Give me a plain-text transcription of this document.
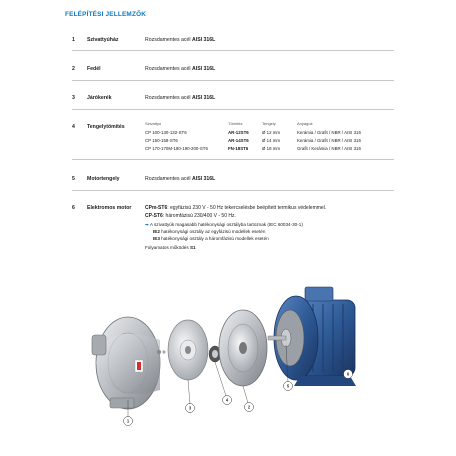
FELÉPÍTÉSI JELLEMZŐK
1 Szivattyúház	Rozsdamentes acél AISI 316L
2 Fedél	Rozsdamentes acél AISI 316L
3 Járókerék	Rozsdamentes acél AISI 316L
4 Tengelytömítés
Szivattyú	Tömítés	Tengely	Anyagok
CP 100-130-132-ST6	AR-12ST6	Ø 12 mm	Kerámia / Grafit / NBR / AISI 316
CP 150-158-ST6	AR-14ST6	Ø 14 mm	Kerámia / Grafit / NBR / AISI 316
CP 170-170M-180-190-200-ST6	FN-18ST6	Ø 18 mm	Grafit / Kerámia / NBR / AISI 316
5 Motortengely	Rozsdamentes acél AISI 316L
6 Elektromos motor	CPm-ST6: egyfázisú 230 V - 50 Hz tekercselésbe beépített termikus védelemmel.
CP-ST6: háromfázisú 230/400 V - 50 Hz.
➡ A szivattyúk magasabb hatékonysági osztályba tartoznak (IEC 60034-30-1)
IE2 hatékonysági osztály az egyfázisú modellek esetén
IE3 hatékonysági osztály a háromfázisú modellek esetén
Folyamatos működés S1
1
3
4
2
5
6
